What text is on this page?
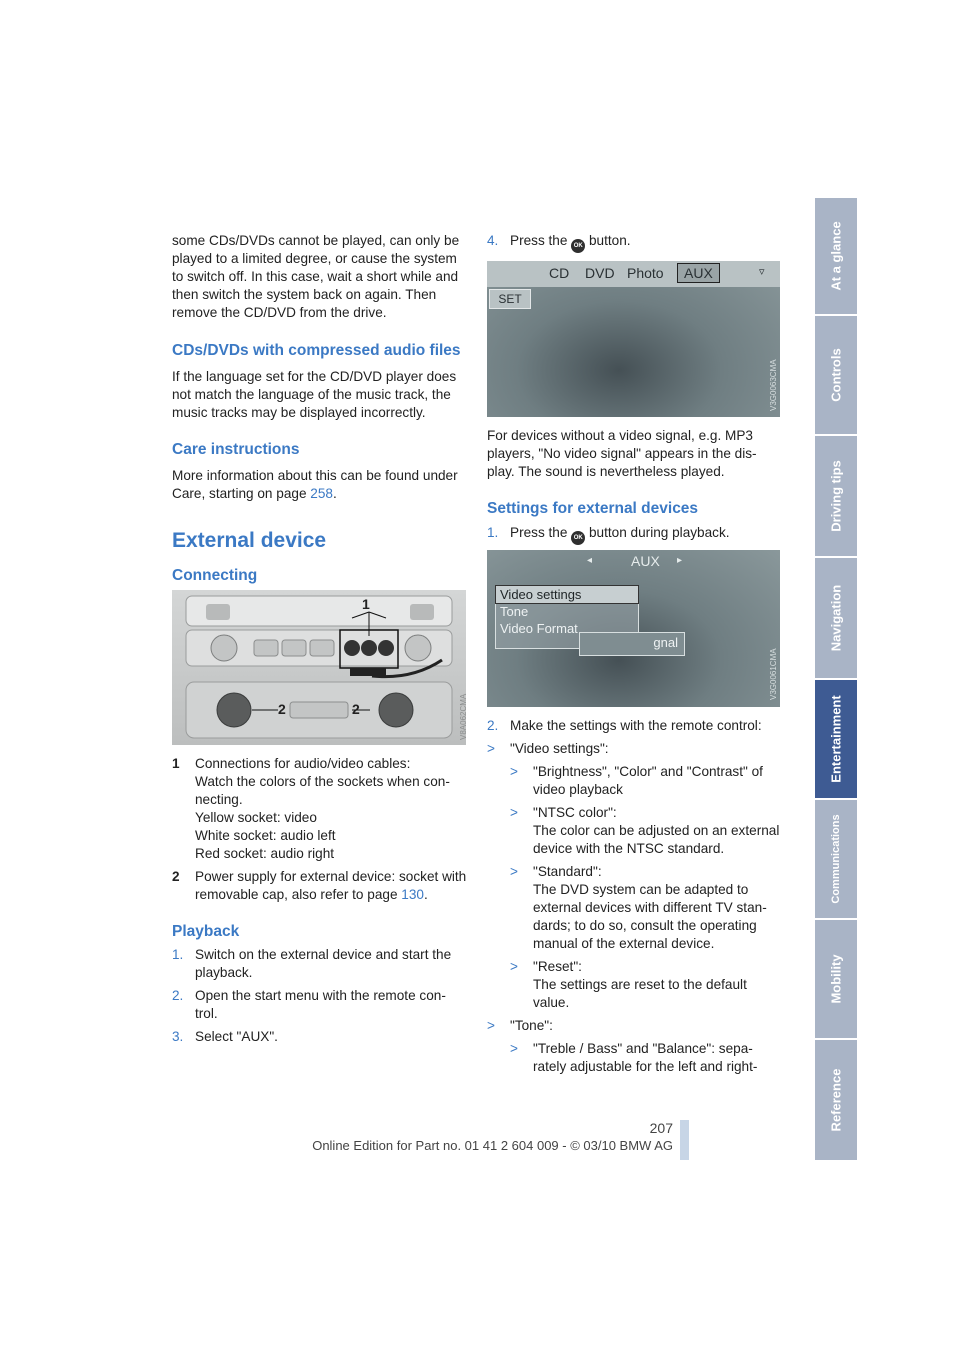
some CDs/DVDs cannot be played, can only be played to a limited degree, or cause the system to switch off. In this case, wait a short while and then switch the system back on again. Then remove the CD/DVD from the drive.

CDs/DVDs with compressed audio files

If the language set for the CD/DVD player does not match the language of the music track, the music tracks may be displayed incorrectly.

Care instructions

More information about this can be found under Care, starting on page 258.

External device
Connecting
1
2	2	V8A062CMA
1 Connections for audio/video cables:
Watch the colors of the sockets when con-necting.
Yellow socket: video
White socket: audio left
Red socket: audio right
2 Power supply for external device: socket with removable cap, also refer to page 130.
Playback
1. Switch on the external device and start the playback.
2. Open the start menu with the remote con-trol.
3. Select "AUX".
4. Press the OK button.
CD DVD Photo	AUX	▿
SET
V3G0063CMA

For devices without a video signal, e.g. MP3 players, "No video signal" appears in the dis-play. The sound is nevertheless played.

Settings for external devices
1. Press the OK button during playback.
◂	AUX ▸
Video settings
Tone
Video Format
gnal
V3G0061CMA
2. Make the settings with the remote control:
> "Video settings":
> "Brightness", "Color" and "Contrast" of video playback
> "NTSC color":
The color can be adjusted on an external device with the NTSC standard.
> "Standard":
The DVD system can be adapted to external devices with different TV stan-dards; to do so, consult the operating manual of the external device.
> "Reset":
The settings are reset to the default value.
> "Tone":
> "Treble / Bass" and "Balance": sepa-rately adjustable for the left and right-
At a glance
Controls
Driving tips
Navigation
Entertainment
Communications
Mobility
Reference
207
Online Edition for Part no. 01 41 2 604 009 - © 03/10 BMW AG
